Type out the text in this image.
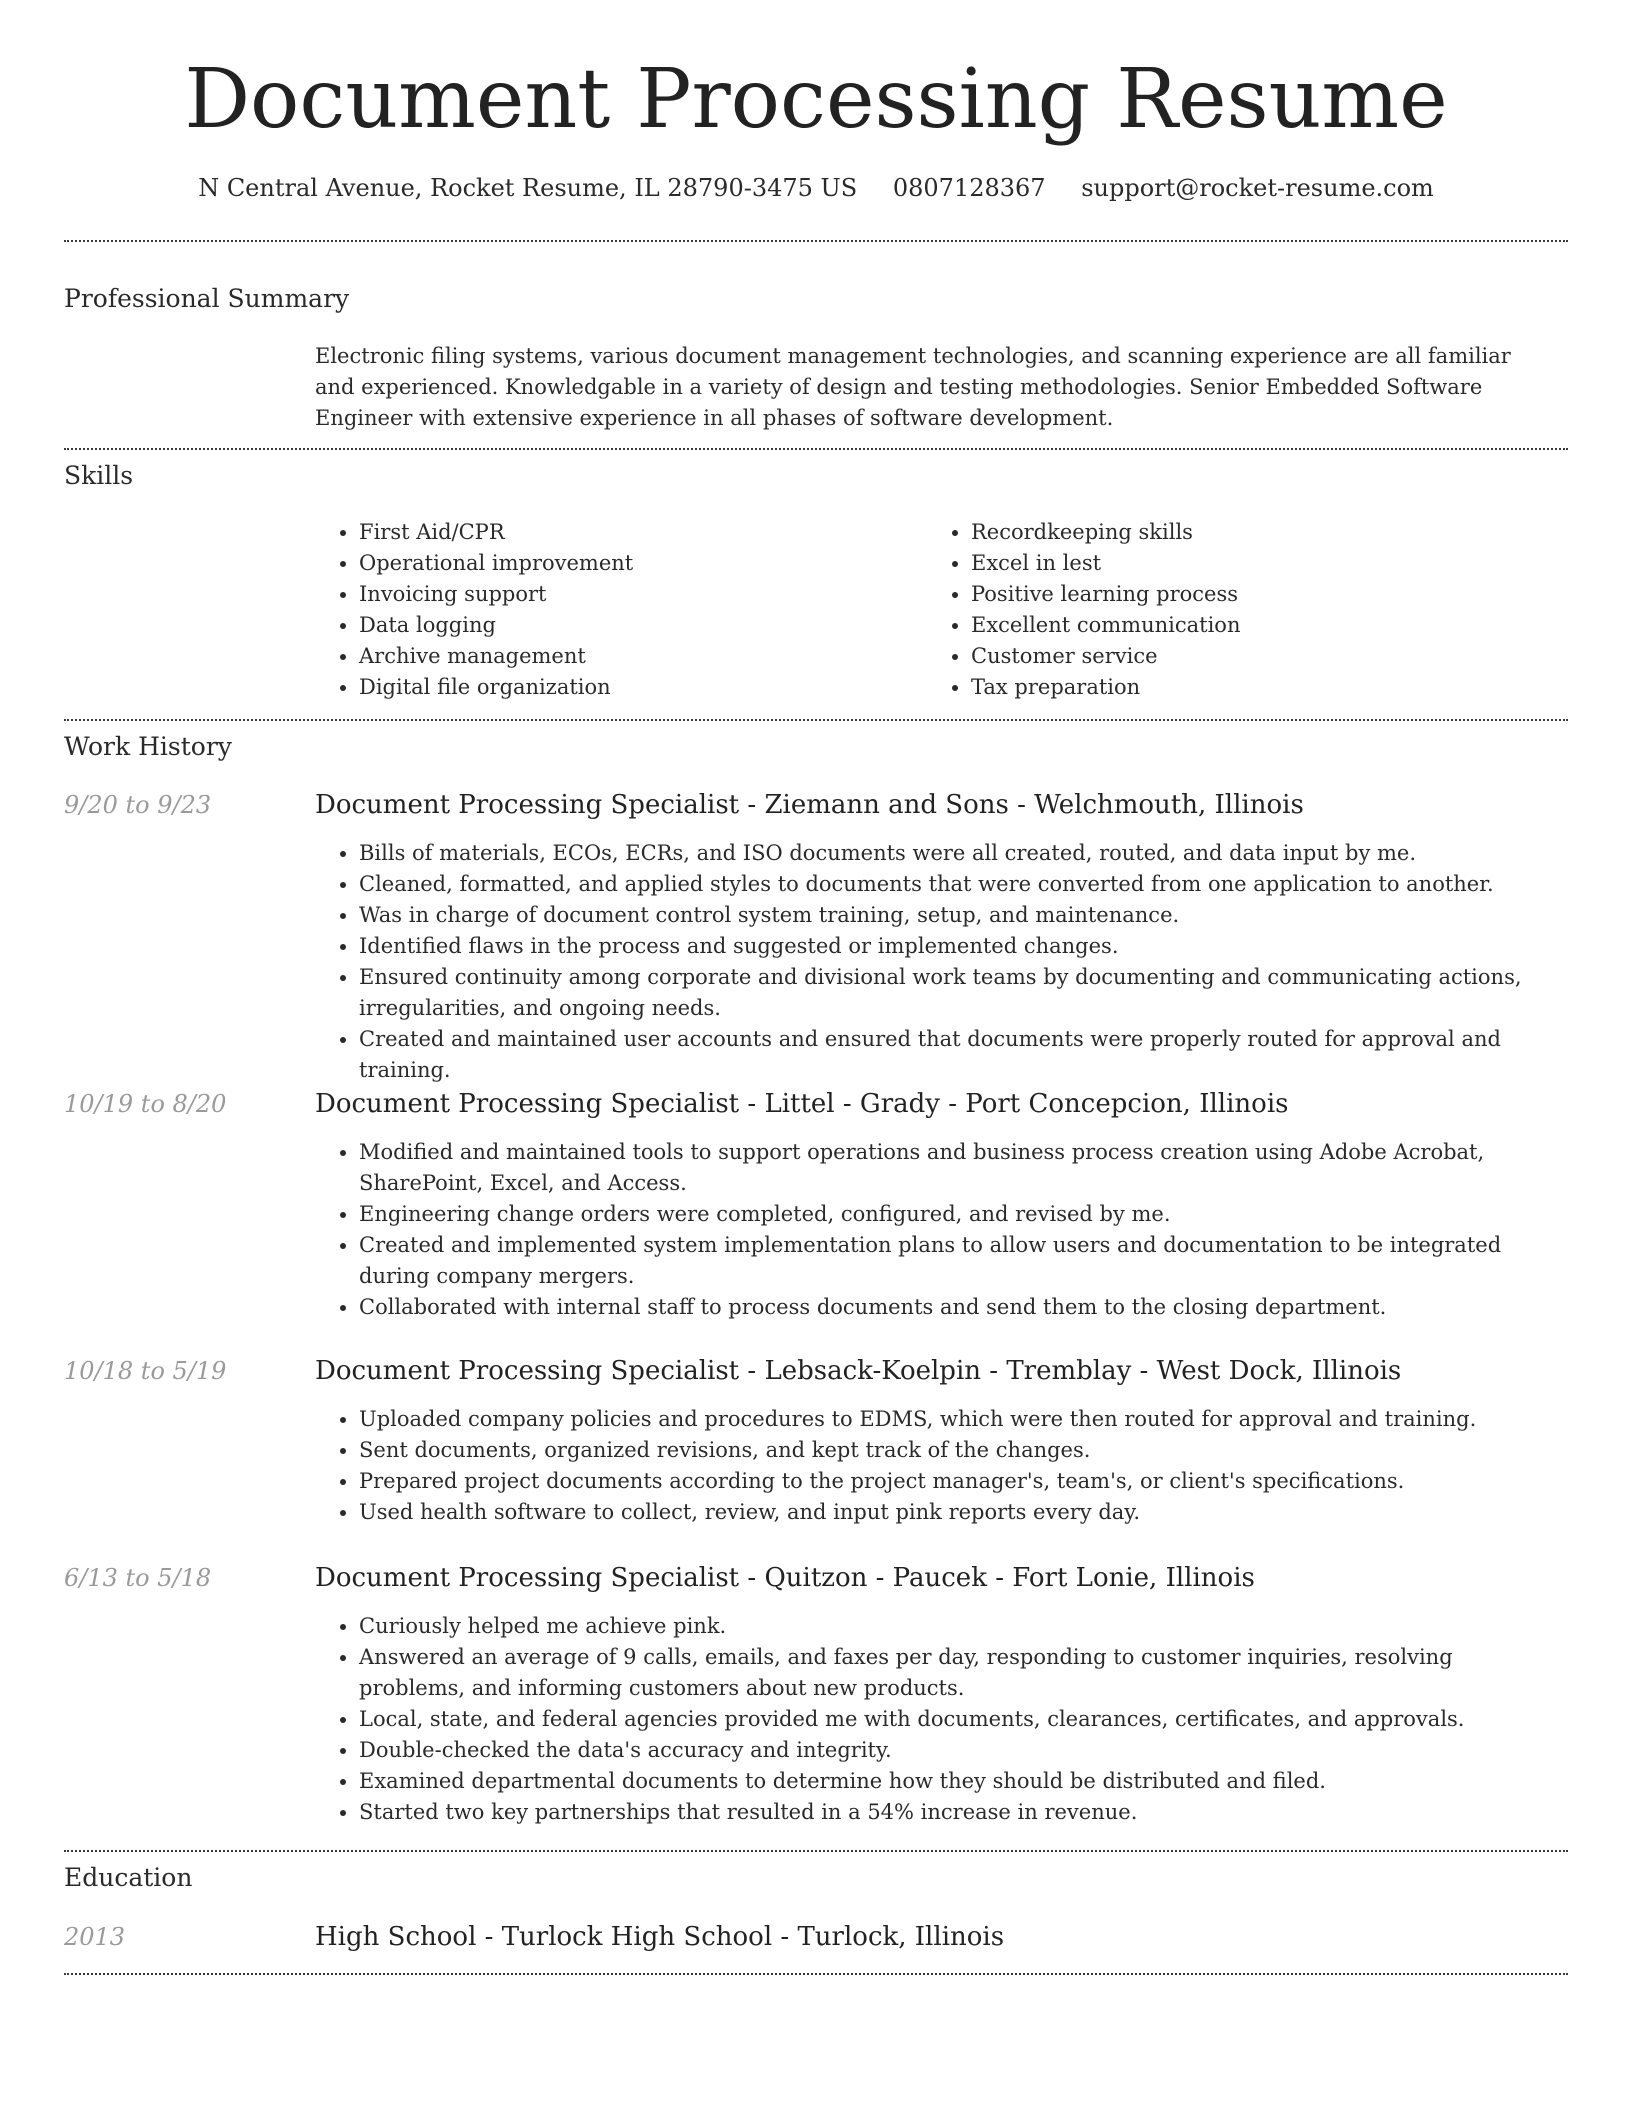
Document Processing Resume
N Central Avenue, Rocket Resume, IL 28790-3475 US 0807128367 support@rocket-resume.com
Professional Summary

Electronic filing systems, various document management technologies, and scanning experience are all familiar and experienced. Knowledgable in a variety of design and testing methodologies. Senior Embedded Software Engineer with extensive experience in all phases of software development.

Skills
• First Aid/CPR
• Operational improvement
• Invoicing support
• Data logging
• Archive management
• Digital file organization
• Recordkeeping skills
• Excel in lest
• Positive learning process
• Excellent communication
• Customer service
• Tax preparation
Work History
9/20 to 9/23	Document Processing Specialist - Ziemann and Sons - Welchmouth, Illinois
• Bills of materials, ECOs, ECRs, and ISO documents were all created, routed, and data input by me.
• Cleaned, formatted, and applied styles to documents that were converted from one application to another.
• Was in charge of document control system training, setup, and maintenance.
• Identified flaws in the process and suggested or implemented changes.
• Ensured continuity among corporate and divisional work teams by documenting and communicating actions, irregularities, and ongoing needs.
• Created and maintained user accounts and ensured that documents were properly routed for approval and training.
10/19 to 8/20	Document Processing Specialist - Littel - Grady - Port Concepcion, Illinois
• Modified and maintained tools to support operations and business process creation using Adobe Acrobat, SharePoint, Excel, and Access.
• Engineering change orders were completed, configured, and revised by me.
• Created and implemented system implementation plans to allow users and documentation to be integrated during company mergers.
• Collaborated with internal staff to process documents and send them to the closing department.
10/18 to 5/19	Document Processing Specialist - Lebsack-Koelpin - Tremblay - West Dock, Illinois
• Uploaded company policies and procedures to EDMS, which were then routed for approval and training.
• Sent documents, organized revisions, and kept track of the changes.
• Prepared project documents according to the project manager's, team's, or client's specifications.
• Used health software to collect, review, and input pink reports every day.
6/13 to 5/18	Document Processing Specialist - Quitzon - Paucek - Fort Lonie, Illinois
• Curiously helped me achieve pink.
• Answered an average of 9 calls, emails, and faxes per day, responding to customer inquiries, resolving problems, and informing customers about new products.
• Local, state, and federal agencies provided me with documents, clearances, certificates, and approvals.
• Double-checked the data's accuracy and integrity.
• Examined departmental documents to determine how they should be distributed and filed.
• Started two key partnerships that resulted in a 54% increase in revenue.
Education
2013	High School - Turlock High School - Turlock, Illinois
